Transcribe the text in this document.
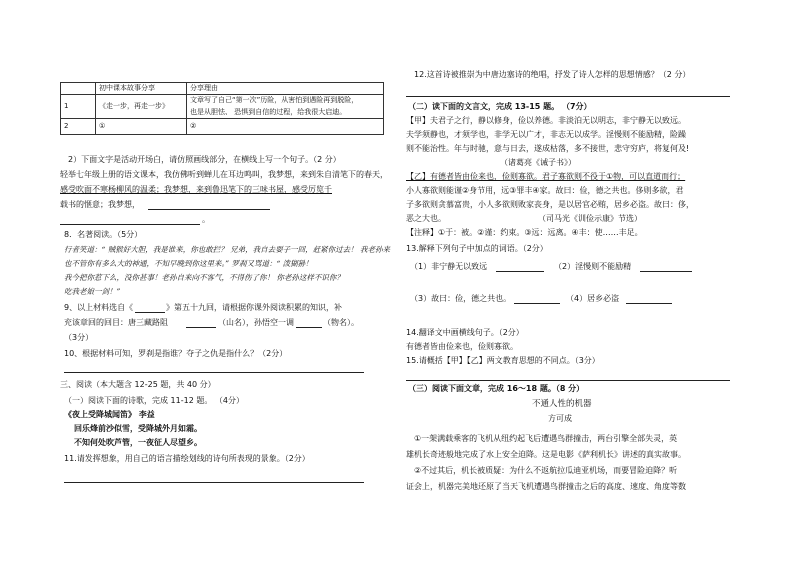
	初中课本故事分享	分享理由
1	《走一步，再走一步》	文章写了自己“第一次”历险，从害怕到遇险再到脱险，
也是从胆怯、 恐惧到自信的过程，给我很大启迪。

2	①	②
2）下面文字是活动开场白，请仿照画线部分，在横线上写一个句子。（2 分）
轻举七年级上册的语文课本，我仿佛听到蝉儿在耳边鸣叫，我梦想，来到朱自清笔下的春天，
感受吹面不寒杨柳风的温柔；我梦想，来到鲁迅笔下的三味书屋，感受厉览千
载书的惬意；我梦想，
。
8．名著阅读。（5分）
行者笑道：“ 贼猴好大胆，我是谁来，你也敢拦？ 兄弟，我自去耍子一回，赶紧你过去！ 我老孙来
也不管你有多么大的神通，不知早晚到你这里来。” 罗刹又骂道：“ 泼猢狲！
我今把你惹下么，没你甚事！老孙自来向不客气，不得伤了你！ 你老孙这样不识你？
吃我老娘一剑！”
9、以上材料选自《	》第五十九回，请根据你课外阅读积累的知识，补
充该章回的回目：唐三藏路阻	（山名），孙悟空一调	（物名）。
（3分）
10、根据材料可知，罗刹是指谁？夺子之仇是指什么？（2分）
三、阅读（本大题含 12-25 题，共 40 分）
（一）阅读下面的诗歌，完成 11-12 题。 （4分）
《夜上受降城闻笛》 李益
回乐烽前沙似雪，受降城外月如霜。
不知何处吹芦管，一夜征人尽望乡。
11.请发挥想象，用自己的语言描绘划线的诗句所表现的景象。（2分）
12.这首诗被推崇为中唐边塞诗的绝唱，抒发了诗人怎样的思想情感？（2 分）
（二）读下面的文言文，完成 13-15 题。 （7分）
【甲】夫君子之行，静以修身，俭以养德。非淡泊无以明志，非宁静无以致远。
夫学须静也，才须学也，非学无以广才，非志无以成学。淫慢则不能励精，险躁
则不能治性。年与时驰，意与日去，遂成枯落，多不接世，悲守穷庐，将复何及!
（诸葛亮《诫子书》）
【乙】有德者皆由俭来也，俭则寡欲。君子寡欲则不役于①物，可以直道而行；
小人寡欲则能谨②身节用，远③罪丰④家。故曰：俭，德之共也。侈则多欲，君
子多欲则贪慕富贵，小人多欲则败家丧身，是以居官必贿，居乡必盗。故曰：侈，
恶之大也。	（司马光《训俭示康》节选）
【注释】①于：被。②谨：约束。③远：远离。④丰：使……丰足。
13.解释下列句子中加点的词语。（2分）
（1）非宁静无以致远	（2）淫慢则不能励精
（3）故曰：俭，德之共也。	（4）居乡必盗
14.翻译文中画横线句子。（2分）
有德者皆由俭来也，俭则寡欲。
15.请概括【甲】【乙】两文教育思想的不同点。（3分）
（三）阅读下面文章，完成 16～18 题。（8 分）
不通人性的机器
方可成
①一架满载乘客的飞机从纽约起飞后遭遇鸟群撞击，两台引擎全部失灵，英
雄机长奇迹般地完成了水上安全迫降。这是电影《萨利机长》讲述的真实故事。
②不过其后，机长被质疑：为什么不返航拉瓜迪亚机场，而要冒险迫降？听
证会上，机器完美地还原了当天飞机遭遇鸟群撞击之后的高度、速度、角度等数
